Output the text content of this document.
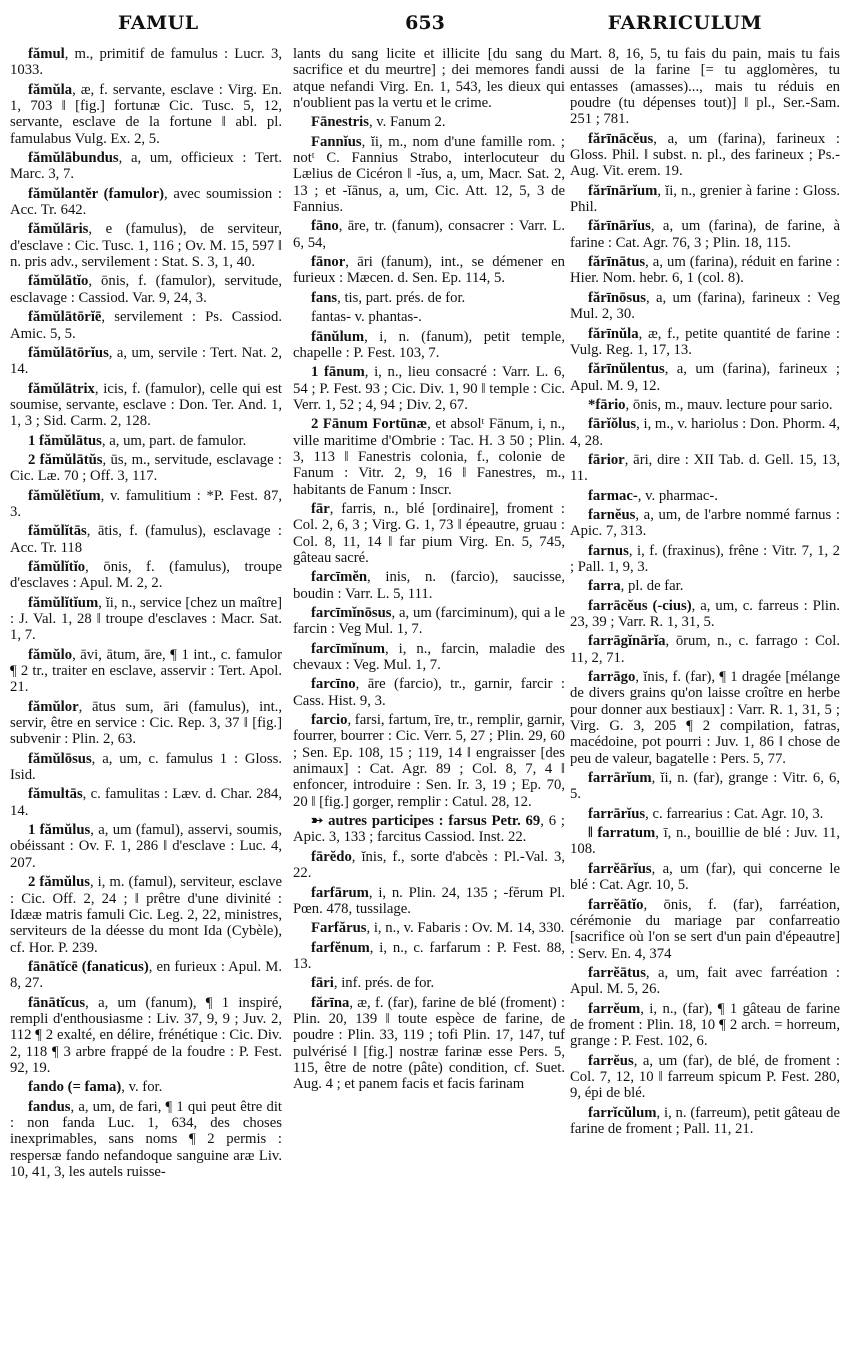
FAMUL	653	FARRICULUM

fămul, m., primitif de famulus : Lucr. 3, 1033.

fămŭla, æ, f. servante, esclave : Virg. En. 1, 703 ‖ [fig.] fortunæ Cic. Tusc. 5, 12, servante, esclave de la fortune ‖ abl. pl. famulabus Vulg. Ex. 2, 5.

fămŭlābundus, a, um, officieux : Tert. Marc. 3, 7.

fămŭlantĕr (famulor), avec soumission : Acc. Tr. 642.

fămŭlāris, e (famulus), de serviteur, d'esclave : Cic. Tusc. 1, 116 ; Ov. M. 15, 597 ‖ n. pris adv., servilement : Stat. S. 3, 1, 40.

fămŭlātĭo, ōnis, f. (famulor), servitude, esclavage : Cassiod. Var. 9, 24, 3.

fămŭlātōrĭē, servilement : Ps. Cassiod. Amic. 5, 5.

fămŭlātōrĭus, a, um, servile : Tert. Nat. 2, 14.

fămŭlātrix, icis, f. (famulor), celle qui est soumise, servante, esclave : Don. Ter. And. 1, 1, 3 ; Sid. Carm. 2, 128.

1 fămŭlātus, a, um, part. de famulor.

2 fămŭlātŭs, ūs, m., servitude, esclavage : Cic. Læ. 70 ; Off. 3, 117.

fămŭlĕtĭum, v. famulitium : *P. Fest. 87, 3.

fămŭlĭtās, ātis, f. (famulus), esclavage : Acc. Tr. 118

fămŭlĭtĭo, ōnis, f. (famulus), troupe d'esclaves : Apul. M. 2, 2.

fămŭlĭtĭum, ĭi, n., service [chez un maître] : J. Val. 1, 28 ‖ troupe d'esclaves : Macr. Sat. 1, 7.

fămŭlo, āvi, ātum, āre, ¶ 1 int., c. famulor ¶ 2 tr., traiter en esclave, asservir : Tert. Apol. 21.

fămŭlor, ātus sum, āri (famulus), int., servir, être en service : Cic. Rep. 3, 37 ‖ [fig.] subvenir : Plin. 2, 63.

fămŭlōsus, a, um, c. famulus 1 : Gloss. Isid.

fămultās, c. famulitas : Læv. d. Char. 284, 14.

1 fămŭlus, a, um (famul), asservi, soumis, obéissant : Ov. F. 1, 286 ‖ d'esclave : Luc. 4, 207.

2 fămŭlus, i, m. (famul), serviteur, esclave : Cic. Off. 2, 24 ; ‖ prêtre d'une divinité : Idææ matris famuli Cic. Leg. 2, 22, ministres, serviteurs de la déesse du mont Ida (Cybèle), cf. Hor. P. 239.

fānātĭcē (fanaticus), en furieux : Apul. M. 8, 27.

fānātĭcus, a, um (fanum), ¶ 1 inspiré, rempli d'enthousiasme : Liv. 37, 9, 9 ; Juv. 2, 112 ¶ 2 exalté, en délire, frénétique : Cic. Div. 2, 118 ¶ 3 arbre frappé de la foudre : P. Fest. 92, 19.

fando (= fama), v. for.

fandus, a, um, de fari, ¶ 1 qui peut être dit : non fanda Luc. 1, 634, des choses inexprimables, sans noms ¶ 2 permis : respersæ fando nefandoque sanguine aræ Liv. 10, 41, 3, les autels ruisse-

lants du sang licite et illicite [du sang du sacrifice et du meurtre] ; dei memores fandi atque nefandi Virg. En. 1, 543, les dieux qui n'oublient pas la vertu et le crime.

Fānestris, v. Fanum 2.

Fannĭus, ĭi, m., nom d'une famille rom. ; notᵗ C. Fannius Strabo, interlocuteur du Lælius de Cicéron ‖ -ĭus, a, um, Macr. Sat. 2, 13 ; et -ĭānus, a, um, Cic. Att. 12, 5, 3 de Fannius.

fāno, āre, tr. (fanum), consacrer : Varr. L. 6, 54,

fānor, āri (fanum), int., se démener en furieux : Mæcen. d. Sen. Ep. 114, 5.

fans, tis, part. prés. de for.

fantas- v. phantas-.

fānŭlum, i, n. (fanum), petit temple, chapelle : P. Fest. 103, 7.

1 fānum, i, n., lieu consacré : Varr. L. 6, 54 ; P. Fest. 93 ; Cic. Div. 1, 90 ‖ temple : Cic. Verr. 1, 52 ; 4, 94 ; Div. 2, 67.

2 Fānum Fortūnæ, et absolᵗ Fānum, i, n., ville maritime d'Ombrie : Tac. H. 3 50 ; Plin. 3, 113 ‖ Fanestris colonia, f., colonie de Fanum : Vitr. 2, 9, 16 ‖ Fanestres, m., habitants de Fanum : Inscr.

fār, farris, n., blé [ordinaire], froment : Col. 2, 6, 3 ; Virg. G. 1, 73 ‖ épeautre, gruau : Col. 8, 11, 14 ‖ far pium Virg. En. 5, 745, gâteau sacré.

farcīmĕn, inis, n. (farcio), saucisse, boudin : Varr. L. 5, 111.

farcīmĭnōsus, a, um (farciminum), qui a le farcin : Veg Mul. 1, 7.

farcīmĭnum, i, n., farcin, maladie des chevaux : Veg. Mul. 1, 7.

farcīno, āre (farcio), tr., garnir, farcir : Cass. Hist. 9, 3.

farcio, farsi, fartum, īre, tr., remplir, garnir, fourrer, bourrer : Cic. Verr. 5, 27 ; Plin. 29, 60 ; Sen. Ep. 108, 15 ; 119, 14 ‖ engraisser [des animaux] : Cat. Agr. 89 ; Col. 8, 7, 4 ‖ enfoncer, introduire : Sen. Ir. 3, 19 ; Ep. 70, 20 ‖ [fig.] gorger, remplir : Catul. 28, 12.

➳ autres participes : farsus Petr. 69, 6 ; Apic. 3, 133 ; farcitus Cassiod. Inst. 22.

fārĕdo, ĭnis, f., sorte d'abcès : Pl.-Val. 3, 22.

farfārum, i, n. Plin. 24, 135 ; -fĕrum Pl. Pœn. 478, tussilage.

Farfărus, i, n., v. Fabaris : Ov. M. 14, 330.

farfĕnum, i, n., c. farfarum : P. Fest. 88, 13.

fāri, inf. prés. de for.

fărīna, æ, f. (far), farine de blé (froment) : Plin. 20, 139 ‖ toute espèce de farine, de poudre : Plin. 33, 119 ; tofi Plin. 17, 147, tuf pulvérisé ‖ [fig.] nostræ farinæ esse Pers. 5, 115, être de notre (pâte) condition, cf. Suet. Aug. 4 ; et panem facis et facis farinam

Mart. 8, 16, 5, tu fais du pain, mais tu fais aussi de la farine [= tu agglomères, tu entasses (amasses)..., mais tu réduis en poudre (tu dépenses tout)] ‖ pl., Ser.-Sam. 251 ; 781.

fărīnācĕus, a, um (farina), farineux : Gloss. Phil. ‖ subst. n. pl., des farineux ; Ps.-Aug. Vit. erem. 19.

fărīnārĭum, ĭi, n., grenier à farine : Gloss. Phil.

fărīnārĭus, a, um (farina), de farine, à farine : Cat. Agr. 76, 3 ; Plin. 18, 115.

fărīnātus, a, um (farina), réduit en farine : Hier. Nom. hebr. 6, 1 (col. 8).

fărīnōsus, a, um (farina), farineux : Veg Mul. 2, 30.

fărīnŭla, æ, f., petite quantité de farine : Vulg. Reg. 1, 17, 13.

fărīnŭlentus, a, um (farina), farineux ; Apul. M. 9, 12.

*fārio, ōnis, m., mauv. lecture pour sario.

fārĭŏlus, i, m., v. hariolus : Don. Phorm. 4, 4, 28.

fārior, āri, dire : XII Tab. d. Gell. 15, 13, 11.

farmac-, v. pharmac-.

farnĕus, a, um, de l'arbre nommé farnus : Apic. 7, 313.

farnus, i, f. (fraxinus), frêne : Vitr. 7, 1, 2 ; Pall. 1, 9, 3.

farra, pl. de far.

farrācĕus (-cius), a, um, c. farreus : Plin. 23, 39 ; Varr. R. 1, 31, 5.

farrāgĭnārĭa, ōrum, n., c. farrago : Col. 11, 2, 71.

farrāgo, ĭnis, f. (far), ¶ 1 dragée [mélange de divers grains qu'on laisse croître en herbe pour donner aux bestiaux] : Varr. R. 1, 31, 5 ; Virg. G. 3, 205 ¶ 2 compilation, fatras, macédoine, pot pourri : Juv. 1, 86 ‖ chose de peu de valeur, bagatelle : Pers. 5, 77.

farrārĭum, ĭi, n. (far), grange : Vitr. 6, 6, 5.

farrārĭus, c. farrearius : Cat. Agr. 10, 3.

‖ farratum, ī, n., bouillie de blé : Juv. 11, 108.

farrĕārĭus, a, um (far), qui concerne le blé : Cat. Agr. 10, 5.

farrĕātĭo, ōnis, f. (far), farréation, cérémonie du mariage par confarreatio [sacrifice où l'on se sert d'un pain d'épeautre] : Serv. En. 4, 374

farrĕātus, a, um, fait avec farréation : Apul. M. 5, 26.

farrĕum, i, n., (far), ¶ 1 gâteau de farine de froment : Plin. 18, 10 ¶ 2 arch. = horreum, grange : P. Fest. 102, 6.

farrĕus, a, um (far), de blé, de froment : Col. 7, 12, 10 ‖ farreum spicum P. Fest. 280, 9, épi de blé.

farrĭcŭlum, i, n. (farreum), petit gâteau de farine de froment ; Pall. 11, 21.
